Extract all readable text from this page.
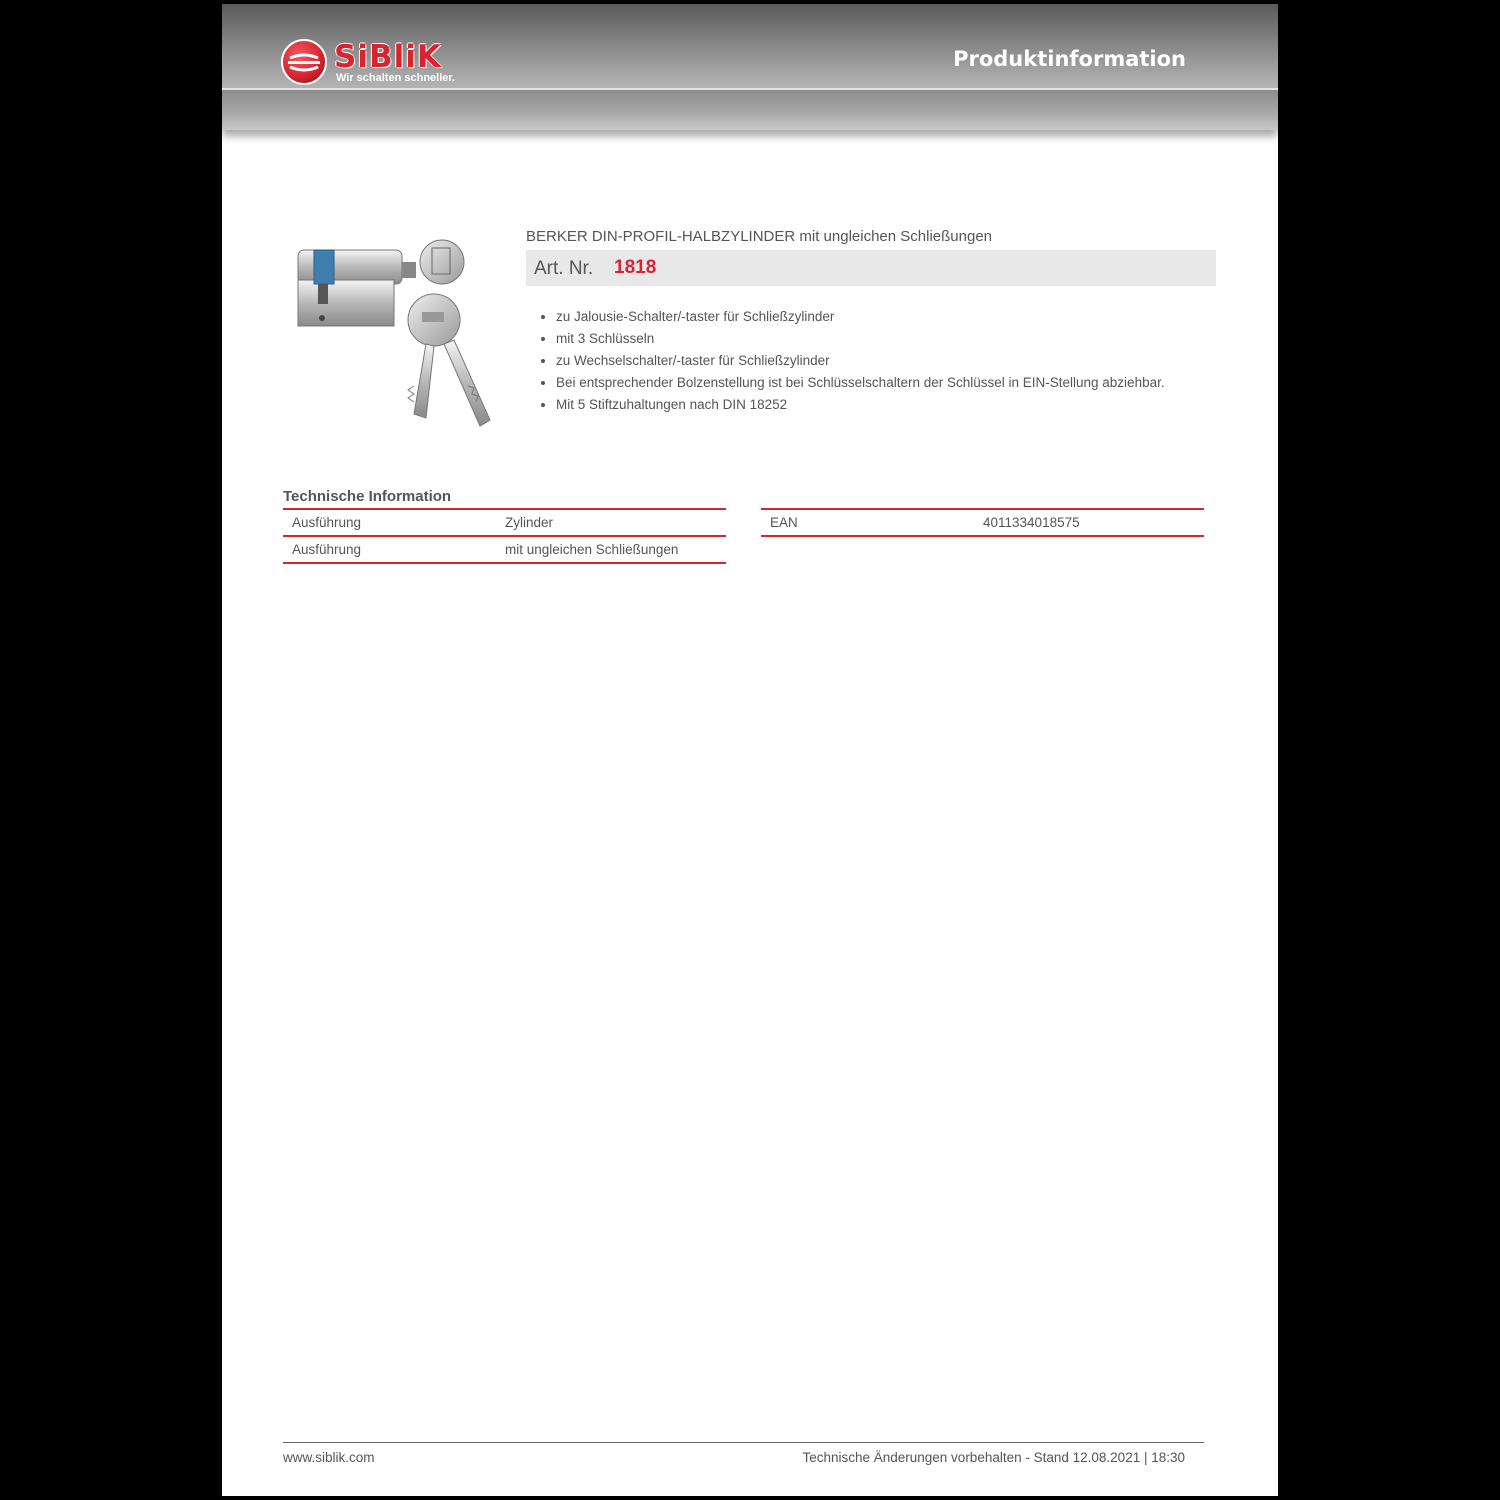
SiBliK
Wir schalten schneller.
Produktinformation
BERKER DIN-PROFIL-HALBZYLINDER mit ungleichen Schließungen
Art. Nr. 1818
• zu Jalousie-Schalter/-taster für Schließzylinder
• mit 3 Schlüsseln
• zu Wechselschalter/-taster für Schließzylinder
• Bei entsprechender Bolzenstellung ist bei Schlüsselschaltern der Schlüssel in EIN-Stellung abziehbar.
• Mit 5 Stiftzuhaltungen nach DIN 18252
Technische Information
Ausführung	Zylinder
Ausführung	mit ungleichen Schließungen
EAN	4011334018575
www.siblik.com	Technische Änderungen vorbehalten - Stand 12.08.2021 | 18:30
